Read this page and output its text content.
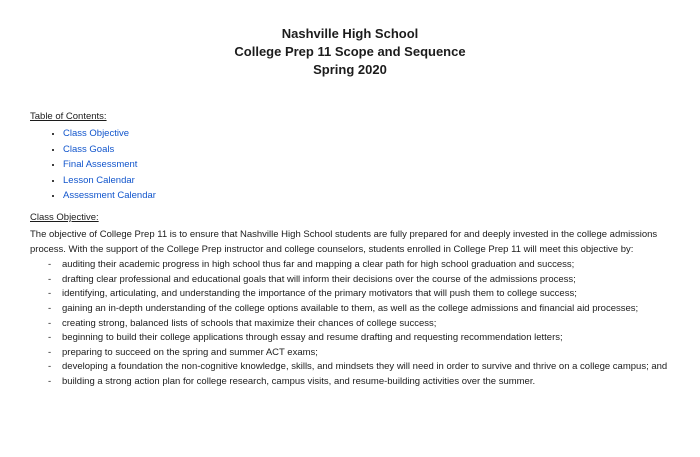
Nashville High School
College Prep 11 Scope and Sequence
Spring 2020
Table of Contents:
• Class Objective
• Class Goals
• Final Assessment
• Lesson Calendar
• Assessment Calendar
Class Objective:
The objective of College Prep 11 is to ensure that Nashville High School students are fully prepared for and deeply invested in the college admissions
process. With the support of the College Prep instructor and college counselors, students enrolled in College Prep 11 will meet this objective by:
- auditing their academic progress in high school thus far and mapping a clear path for high school graduation and success;
- drafting clear professional and educational goals that will inform their decisions over the course of the admissions process;
- identifying, articulating, and understanding the importance of the primary motivators that will push them to college success;
- gaining an in-depth understanding of the college options available to them, as well as the college admissions and financial aid processes;
- creating strong, balanced lists of schools that maximize their chances of college success;
- beginning to build their college applications through essay and resume drafting and requesting recommendation letters;
- preparing to succeed on the spring and summer ACT exams;
- developing a foundation the non-cognitive knowledge, skills, and mindsets they will need in order to survive and thrive on a college campus; and
- building a strong action plan for college research, campus visits, and resume-building activities over the summer.
